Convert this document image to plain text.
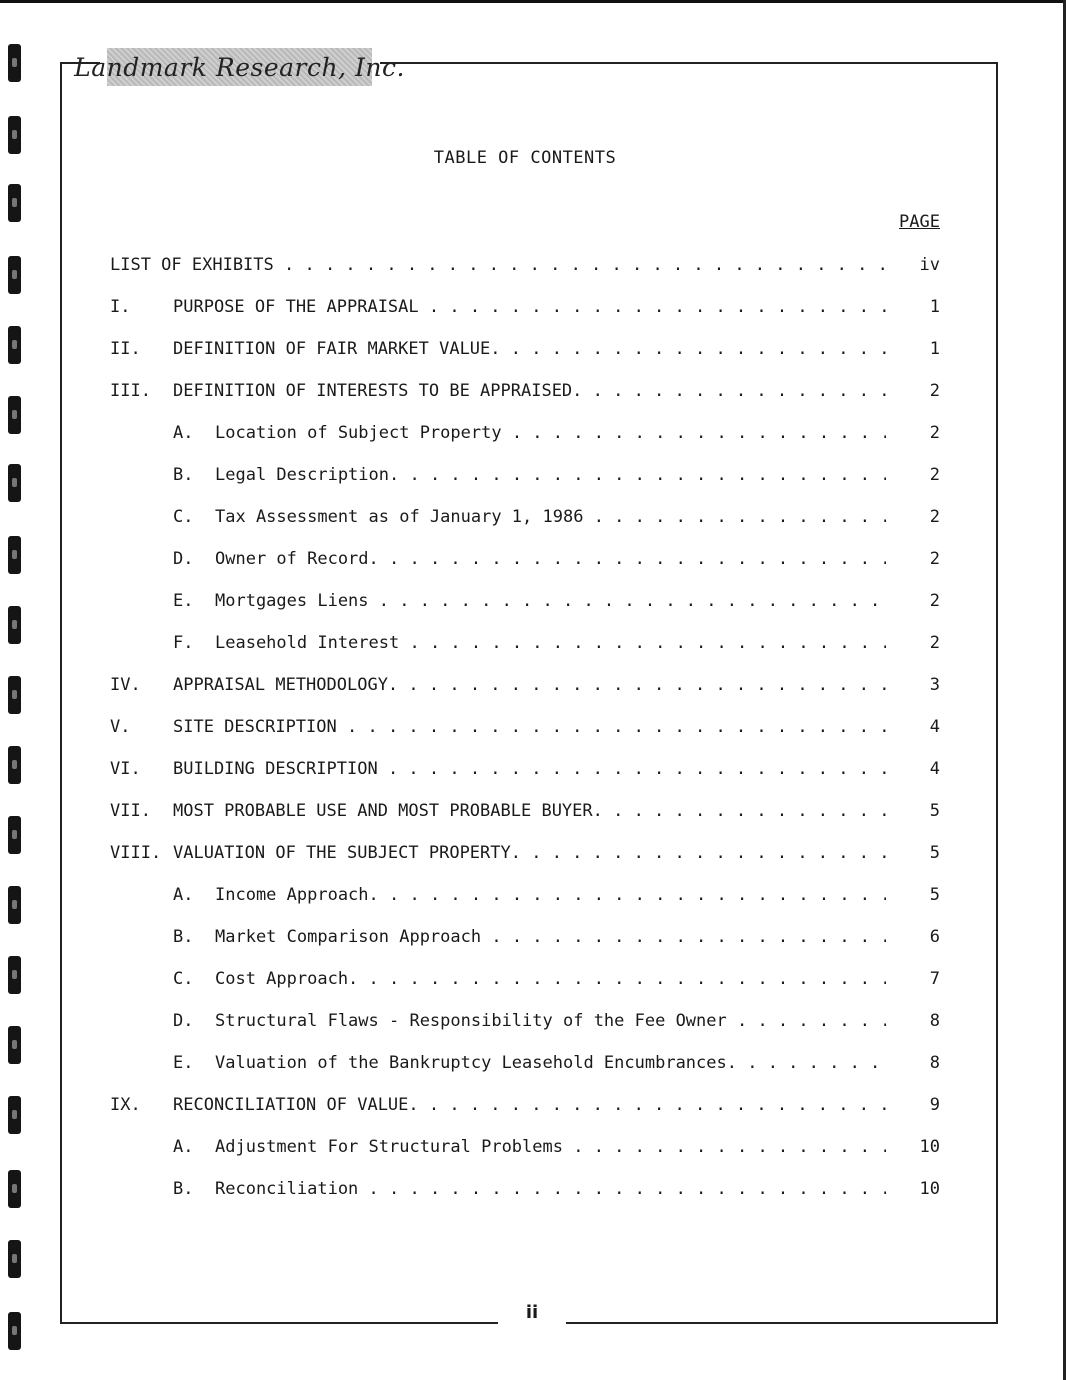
Landmark Research, Inc.
TABLE OF CONTENTS
PAGE
LIST OF EXHIBITS . . .	iv
I.	PURPOSE OF THE APPRAISAL . . .	1
II. DEFINITION OF FAIR MARKET VALUE. . . .	1
III. DEFINITION OF INTERESTS TO BE APPRAISED. . . .	2
A. Location of Subject Property . . .	2
B. Legal Description. . . .	2
C. Tax Assessment as of January 1, 1986 . . .	2
D. Owner of Record. . . .	2
E. Mortgages Liens . . .	2
F. Leasehold Interest . . .	2
IV. APPRAISAL METHODOLOGY. . . .	3
V.	SITE DESCRIPTION . . .	4
VI. BUILDING DESCRIPTION . . .	4
VII. MOST PROBABLE USE AND MOST PROBABLE BUYER. . . .	5
VIII. VALUATION OF THE SUBJECT PROPERTY. . . .	5
A. Income Approach. . . .	5
B. Market Comparison Approach . . .	6
C. Cost Approach. . . .	7
D. Structural Flaws - Responsibility of the Fee Owner . . .	8
E. Valuation of the Bankruptcy Leasehold Encumbrances. . . .	8
IX. RECONCILIATION OF VALUE. . . .	9
A. Adjustment For Structural Problems . . .	10
B. Reconciliation . . .	10
ii
